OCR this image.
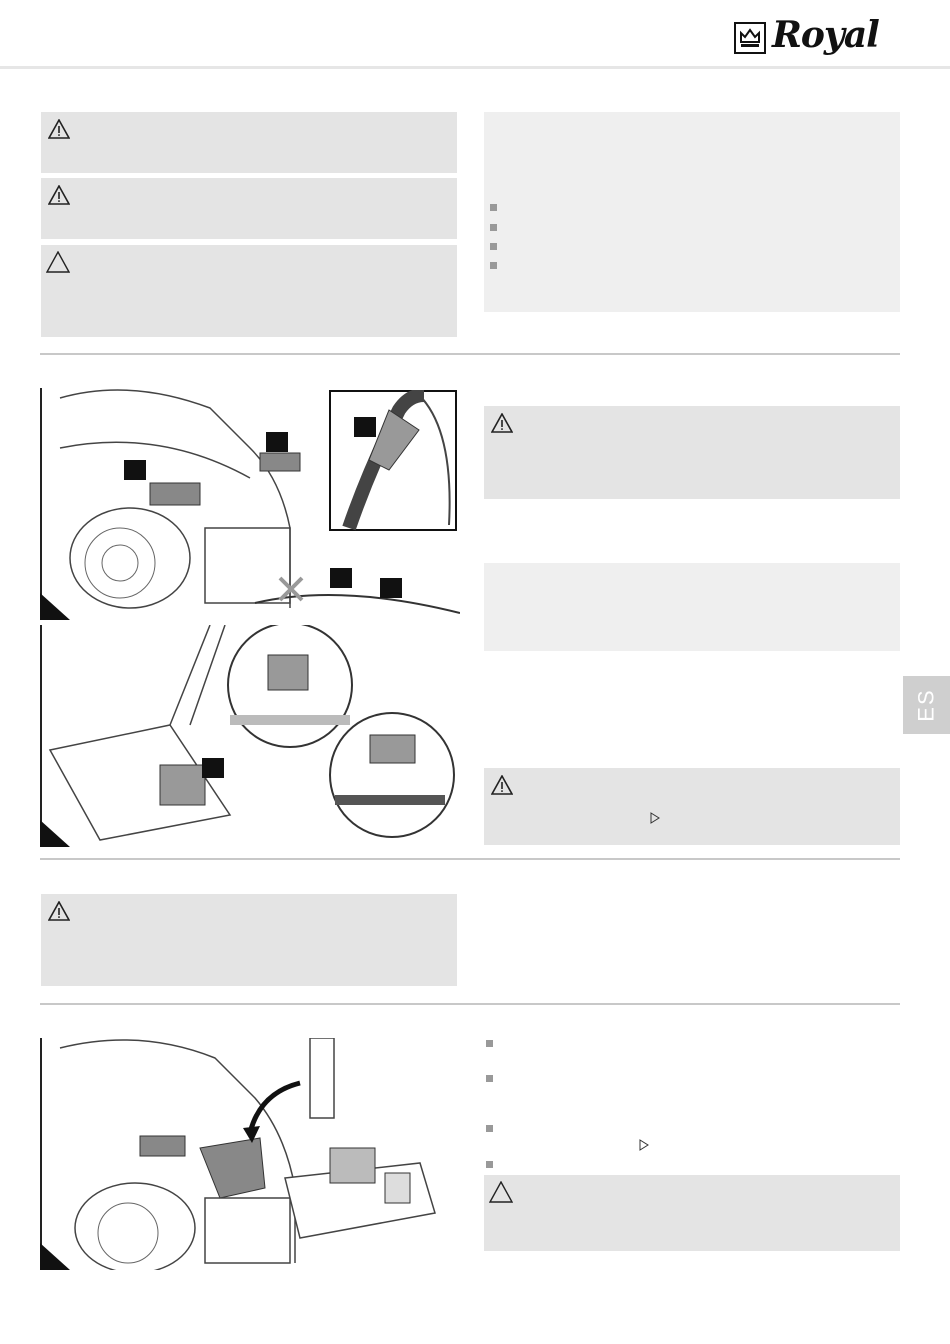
Royal
ES
